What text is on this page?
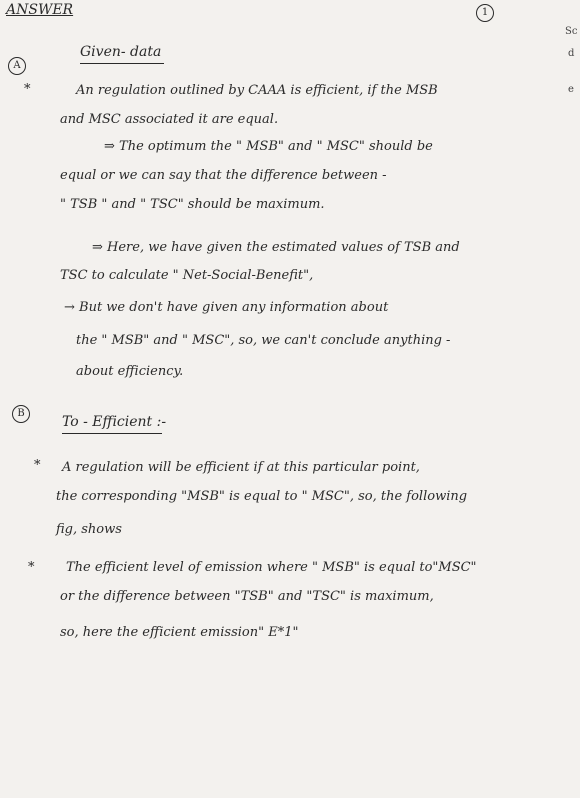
ANSWER	1
Sc
d
e
A
Given- data
*	An regulation outlined by CAAA is efficient, if the MSB
and MSC associated it are equal.
⇒ The optimum the " MSB" and " MSC" should be
equal or we can say that the difference between -
" TSB " and " TSC" should be maximum.
⇒ Here, we have given the estimated values of TSB and
TSC to calculate " Net-Social-Benefit",
→ But we don't have given any information about
the " MSB" and " MSC", so, we can't conclude anything -
about efficiency.
B
To - Efficient :-
* A regulation will be efficient if at this particular point,
the corresponding "MSB" is equal to " MSC", so, the following
fig, shows
* The efficient level of emission where " MSB" is equal to"MSC"
or the difference between "TSB" and "TSC" is maximum,
so, here the efficient emission" E*1"
